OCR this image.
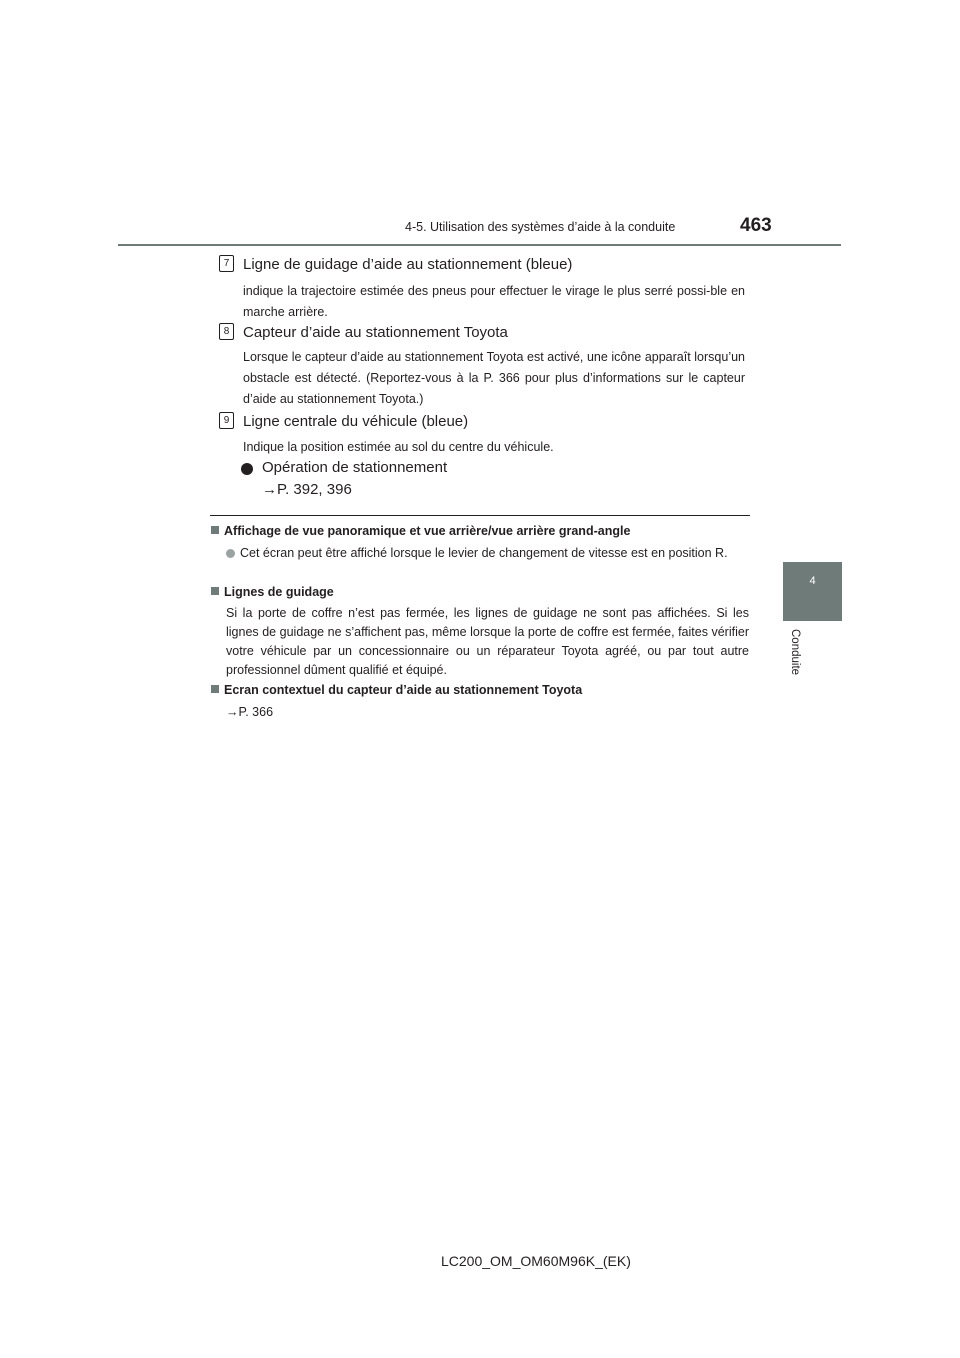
4-5. Utilisation des systèmes d’aide à la conduite	463
4
Conduite
7 Ligne de guidage d’aide au stationnement (bleue)
indique la trajectoire estimée des pneus pour effectuer le virage le plus serré possi-ble en marche arrière.
8 Capteur d’aide au stationnement Toyota
Lorsque le capteur d’aide au stationnement Toyota est activé, une icône apparaît lorsqu’un obstacle est détecté. (Reportez-vous à la P. 366 pour plus d’informations sur le capteur d’aide au stationnement Toyota.)
9 Ligne centrale du véhicule (bleue)
Indique la position estimée au sol du centre du véhicule.
Opération de stationnement
→P. 392, 396
Affichage de vue panoramique et vue arrière/vue arrière grand-angle
Cet écran peut être affiché lorsque le levier de changement de vitesse est en position R.
Lignes de guidage
Si la porte de coffre n’est pas fermée, les lignes de guidage ne sont pas affichées. Si les lignes de guidage ne s’affichent pas, même lorsque la porte de coffre est fermée, faites vérifier votre véhicule par un concessionnaire ou un réparateur Toyota agréé, ou par tout autre professionnel dûment qualifié et équipé.
Ecran contextuel du capteur d’aide au stationnement Toyota
→P. 366
LC200_OM_OM60M96K_(EK)
